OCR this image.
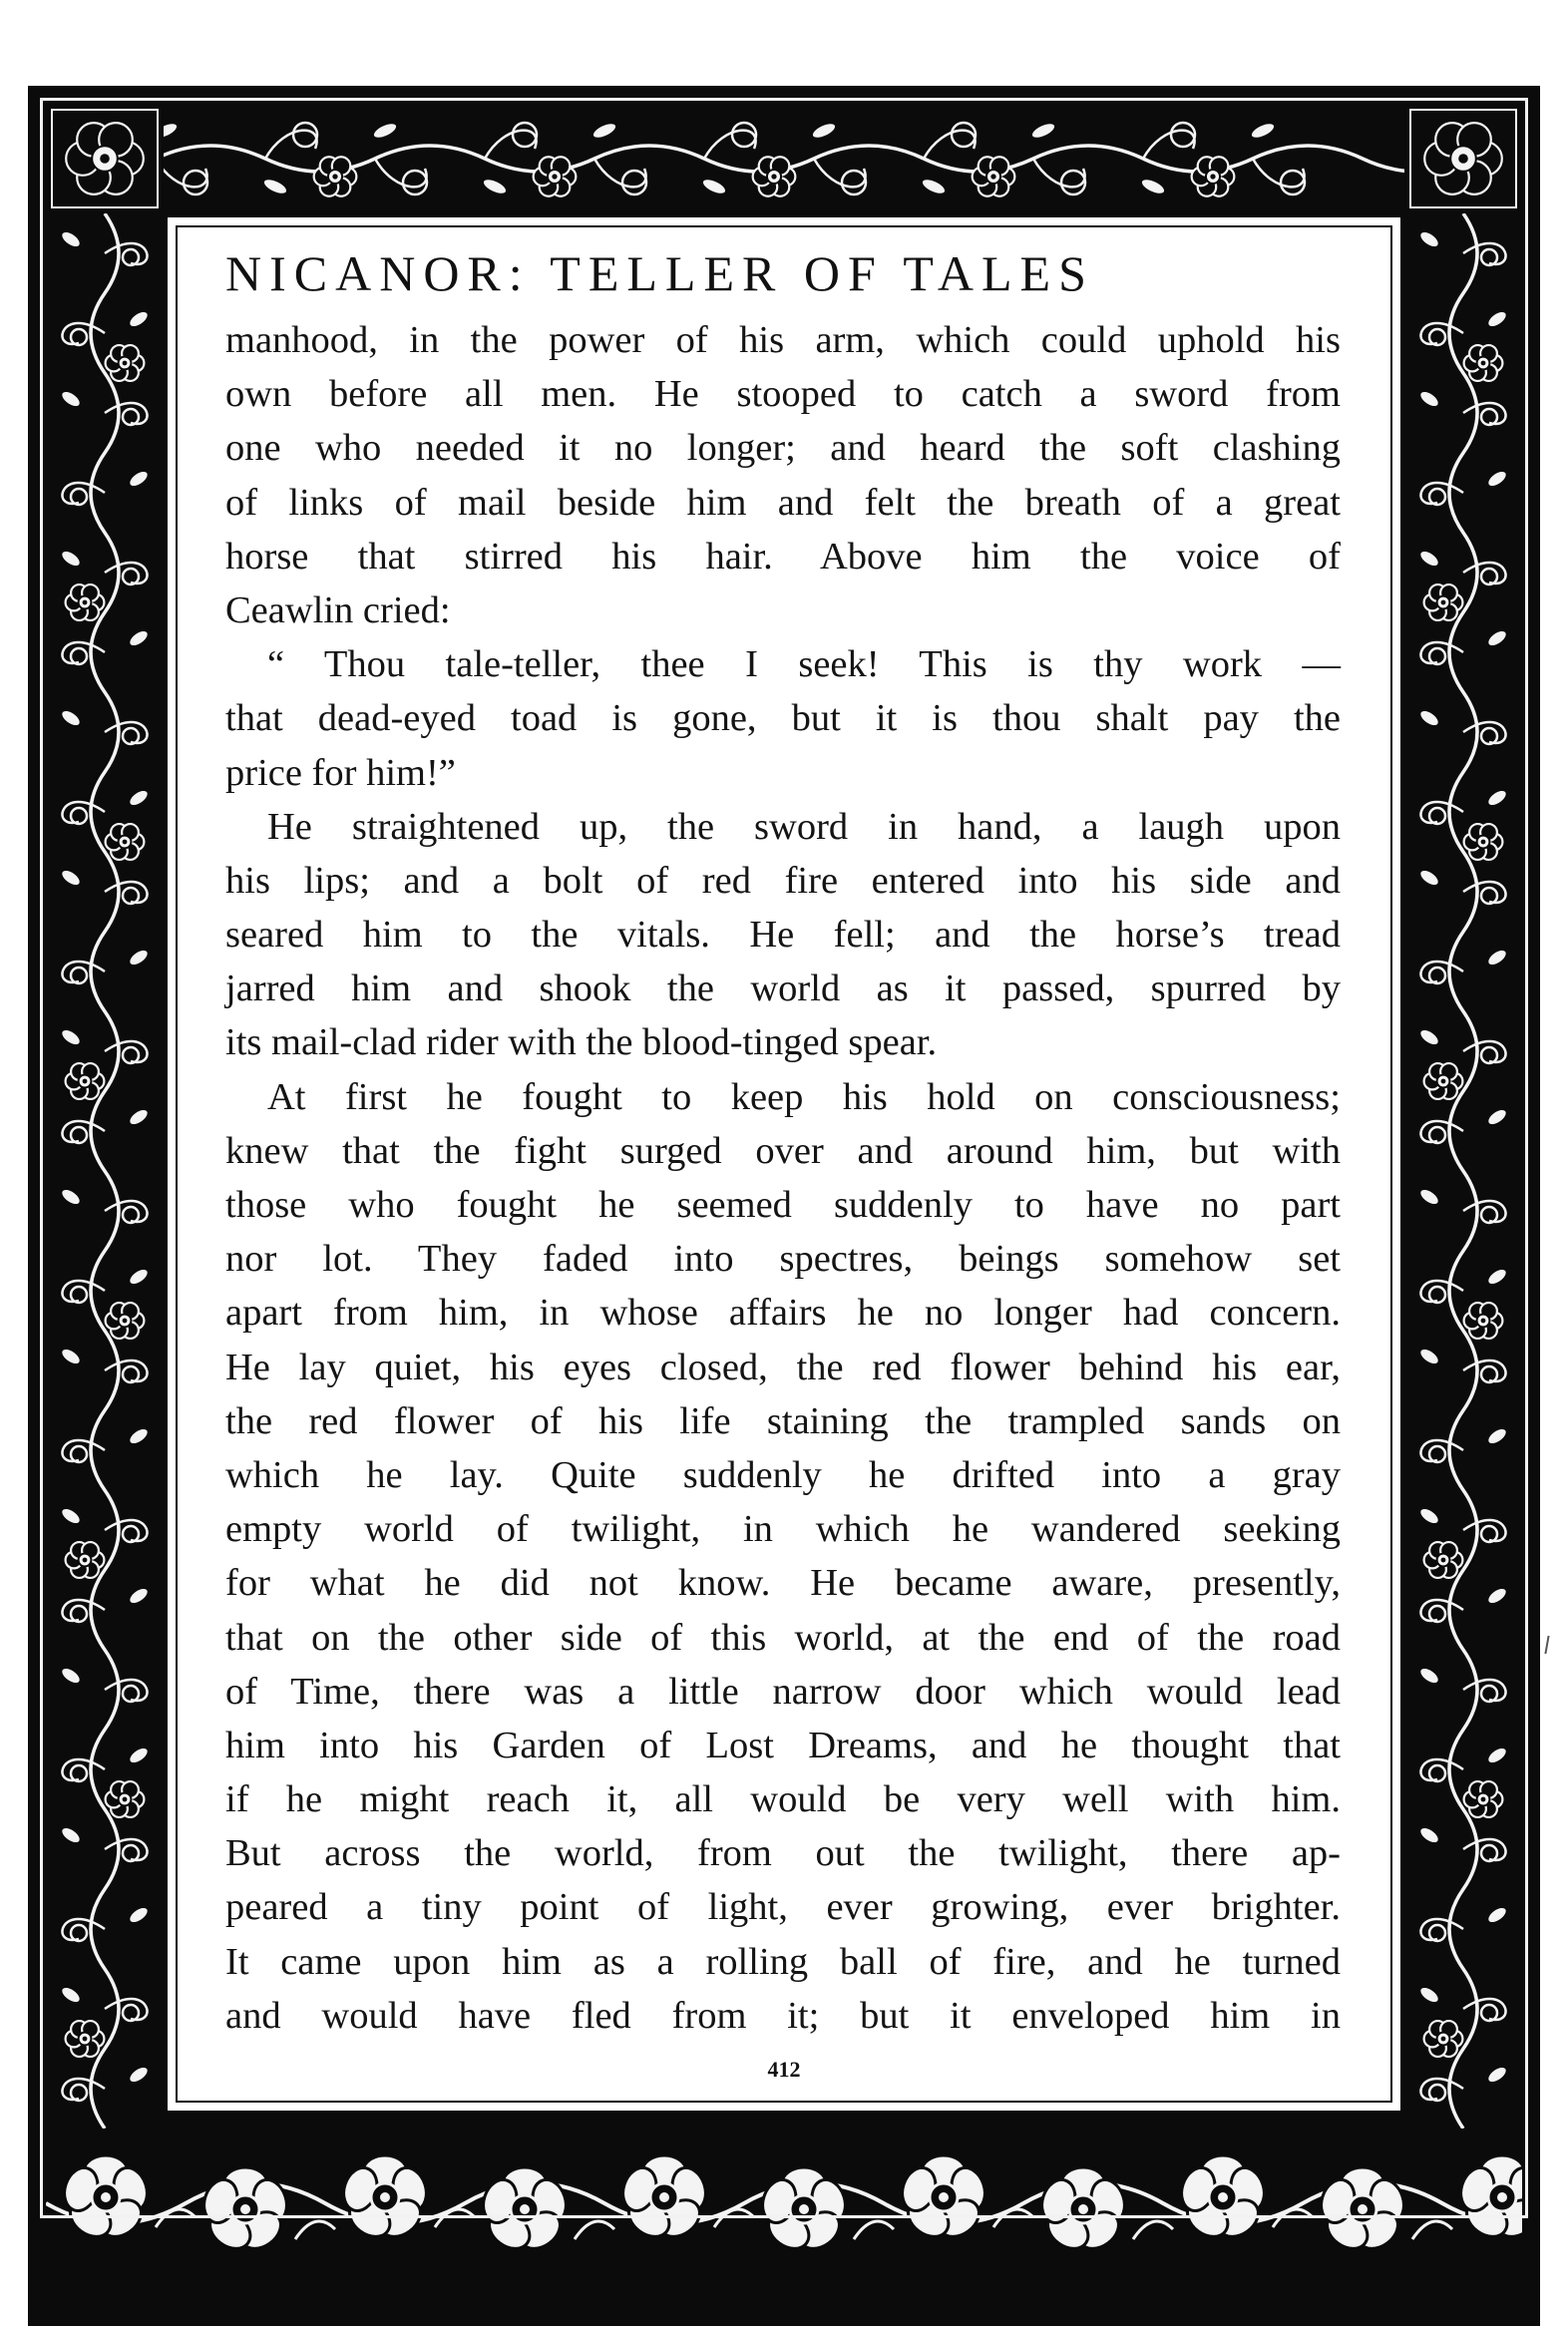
NICANOR: TELLER OF TALES
manhood, in the power of his arm, which could uphold his
own before all men. He stooped to catch a sword from
one who needed it no longer; and heard the soft clashing
of links of mail beside him and felt the breath of a great
horse that stirred his hair. Above him the voice of
Ceawlin cried:
“ Thou tale-teller, thee I seek! This is thy work —
that dead-eyed toad is gone, but it is thou shalt pay the
price for him!”
He straightened up, the sword in hand, a laugh upon
his lips; and a bolt of red fire entered into his side and
seared him to the vitals. He fell; and the horse’s tread
jarred him and shook the world as it passed, spurred by
its mail-clad rider with the blood-tinged spear.
At first he fought to keep his hold on consciousness;
knew that the fight surged over and around him, but with
those who fought he seemed suddenly to have no part
nor lot. They faded into spectres, beings somehow set
apart from him, in whose affairs he no longer had concern.
He lay quiet, his eyes closed, the red flower behind his ear,
the red flower of his life staining the trampled sands on
which he lay. Quite suddenly he drifted into a gray
empty world of twilight, in which he wandered seeking
for what he did not know. He became aware, presently,
that on the other side of this world, at the end of the road
of Time, there was a little narrow door which would lead
him into his Garden of Lost Dreams, and he thought that
if he might reach it, all would be very well with him.
But across the world, from out the twilight, there ap-
peared a tiny point of light, ever growing, ever brighter.
It came upon him as a rolling ball of fire, and he turned
and would have fled from it; but it enveloped him in
412
